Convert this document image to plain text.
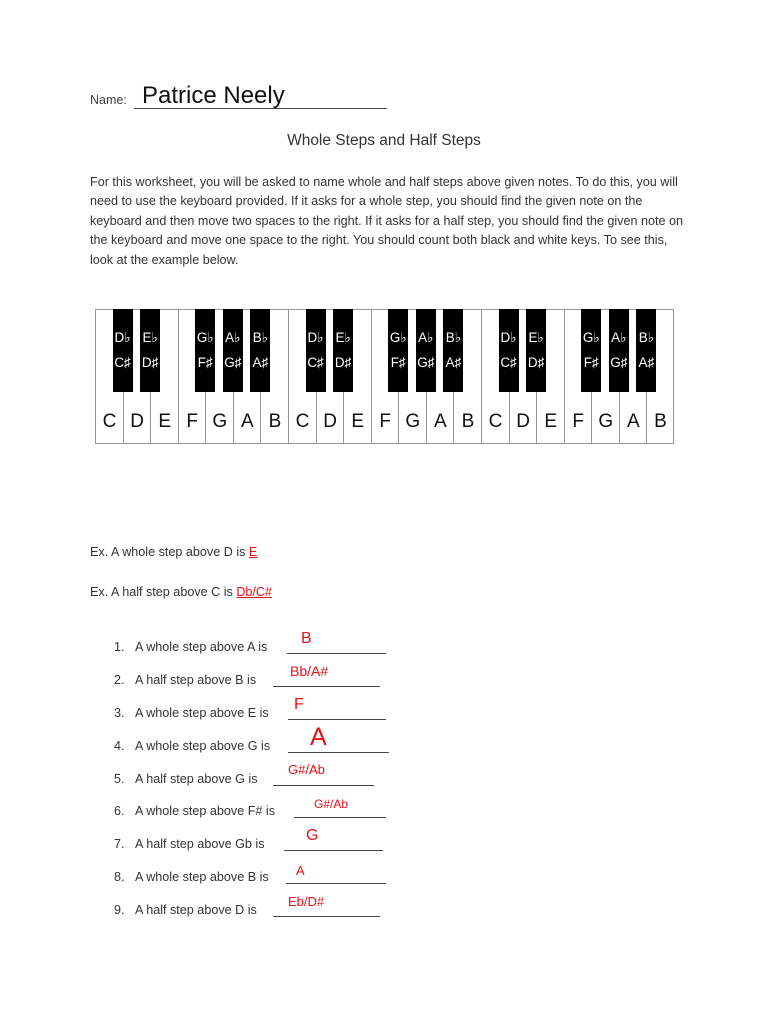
Name: Patrice Neely
Whole Steps and Half Steps
For this worksheet, you will be asked to name whole and half steps above given notes. To do this, you will need to use the keyboard provided. If it asks for a whole step, you should find the given note on the keyboard and then move two spaces to the right. If it asks for a half step, you should find the given note on the keyboard and move one space to the right. You should count both black and white keys. To see this, look at the example below.
C D E F G A B C D E F G A B C D E F G A B
D♭
C♯
E♭
D♯
G♭
F♯
A♭
G♯
B♭
A♯
D♭
C♯
E♭
D♯
G♭
F♯
A♭
G♯
B♭
A♯
D♭
C♯
E♭
D♯
G♭
F♯
A♭
G♯
B♭
A♯
Ex. A whole step above D is E
Ex. A half step above C is Db/C#
1. A whole step above A is B
2. A half step above B is
Bb/A#
3. A whole step above E is F
4. A whole step above G is A
5. A half step above G is
G#/Ab
6. A whole step above F# is	G#/Ab
7. A half step above Gb is	G
8. A whole step above B is A
9. A half step above D is
Eb/D#
